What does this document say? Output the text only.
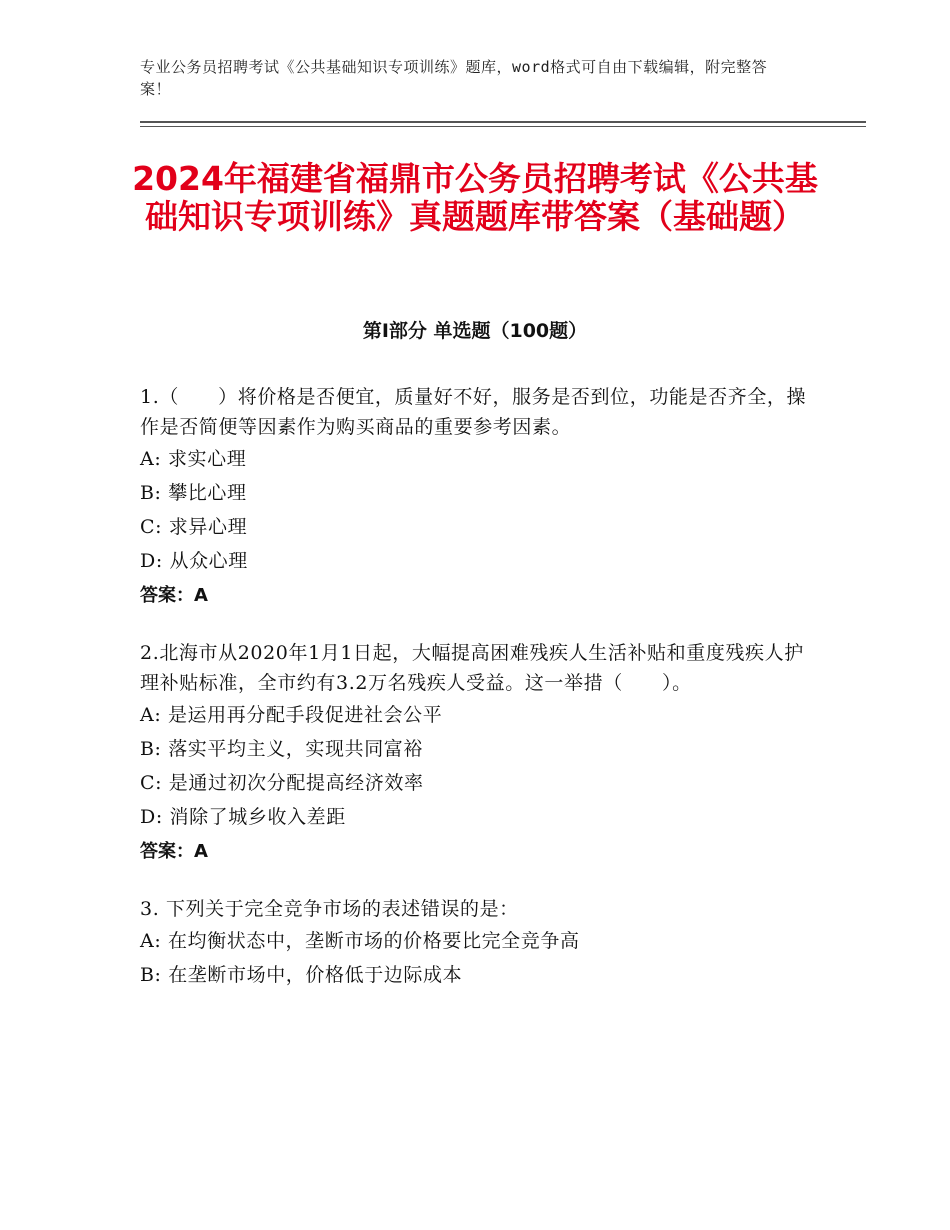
专业公务员招聘考试《公共基础知识专项训练》题库，word格式可自由下载编辑，附完整答案！
2024年福建省福鼎市公务员招聘考试《公共基础知识专项训练》真题题库带答案（基础题）
第Ⅰ部分 单选题（100题）
1.（　　）将价格是否便宜，质量好不好，服务是否到位，功能是否齐全，操作是否简便等因素作为购买商品的重要参考因素。
A: 求实心理
B: 攀比心理
C: 求异心理
D: 从众心理
答案：A
2.北海市从2020年1月1日起，大幅提高困难残疾人生活补贴和重度残疾人护理补贴标准，全市约有3.2万名残疾人受益。这一举措（　　）。
A: 是运用再分配手段促进社会公平
B: 落实平均主义，实现共同富裕
C: 是通过初次分配提高经济效率
D: 消除了城乡收入差距
答案：A
3. 下列关于完全竞争市场的表述错误的是：
A: 在均衡状态中，垄断市场的价格要比完全竞争高
B: 在垄断市场中，价格低于边际成本
